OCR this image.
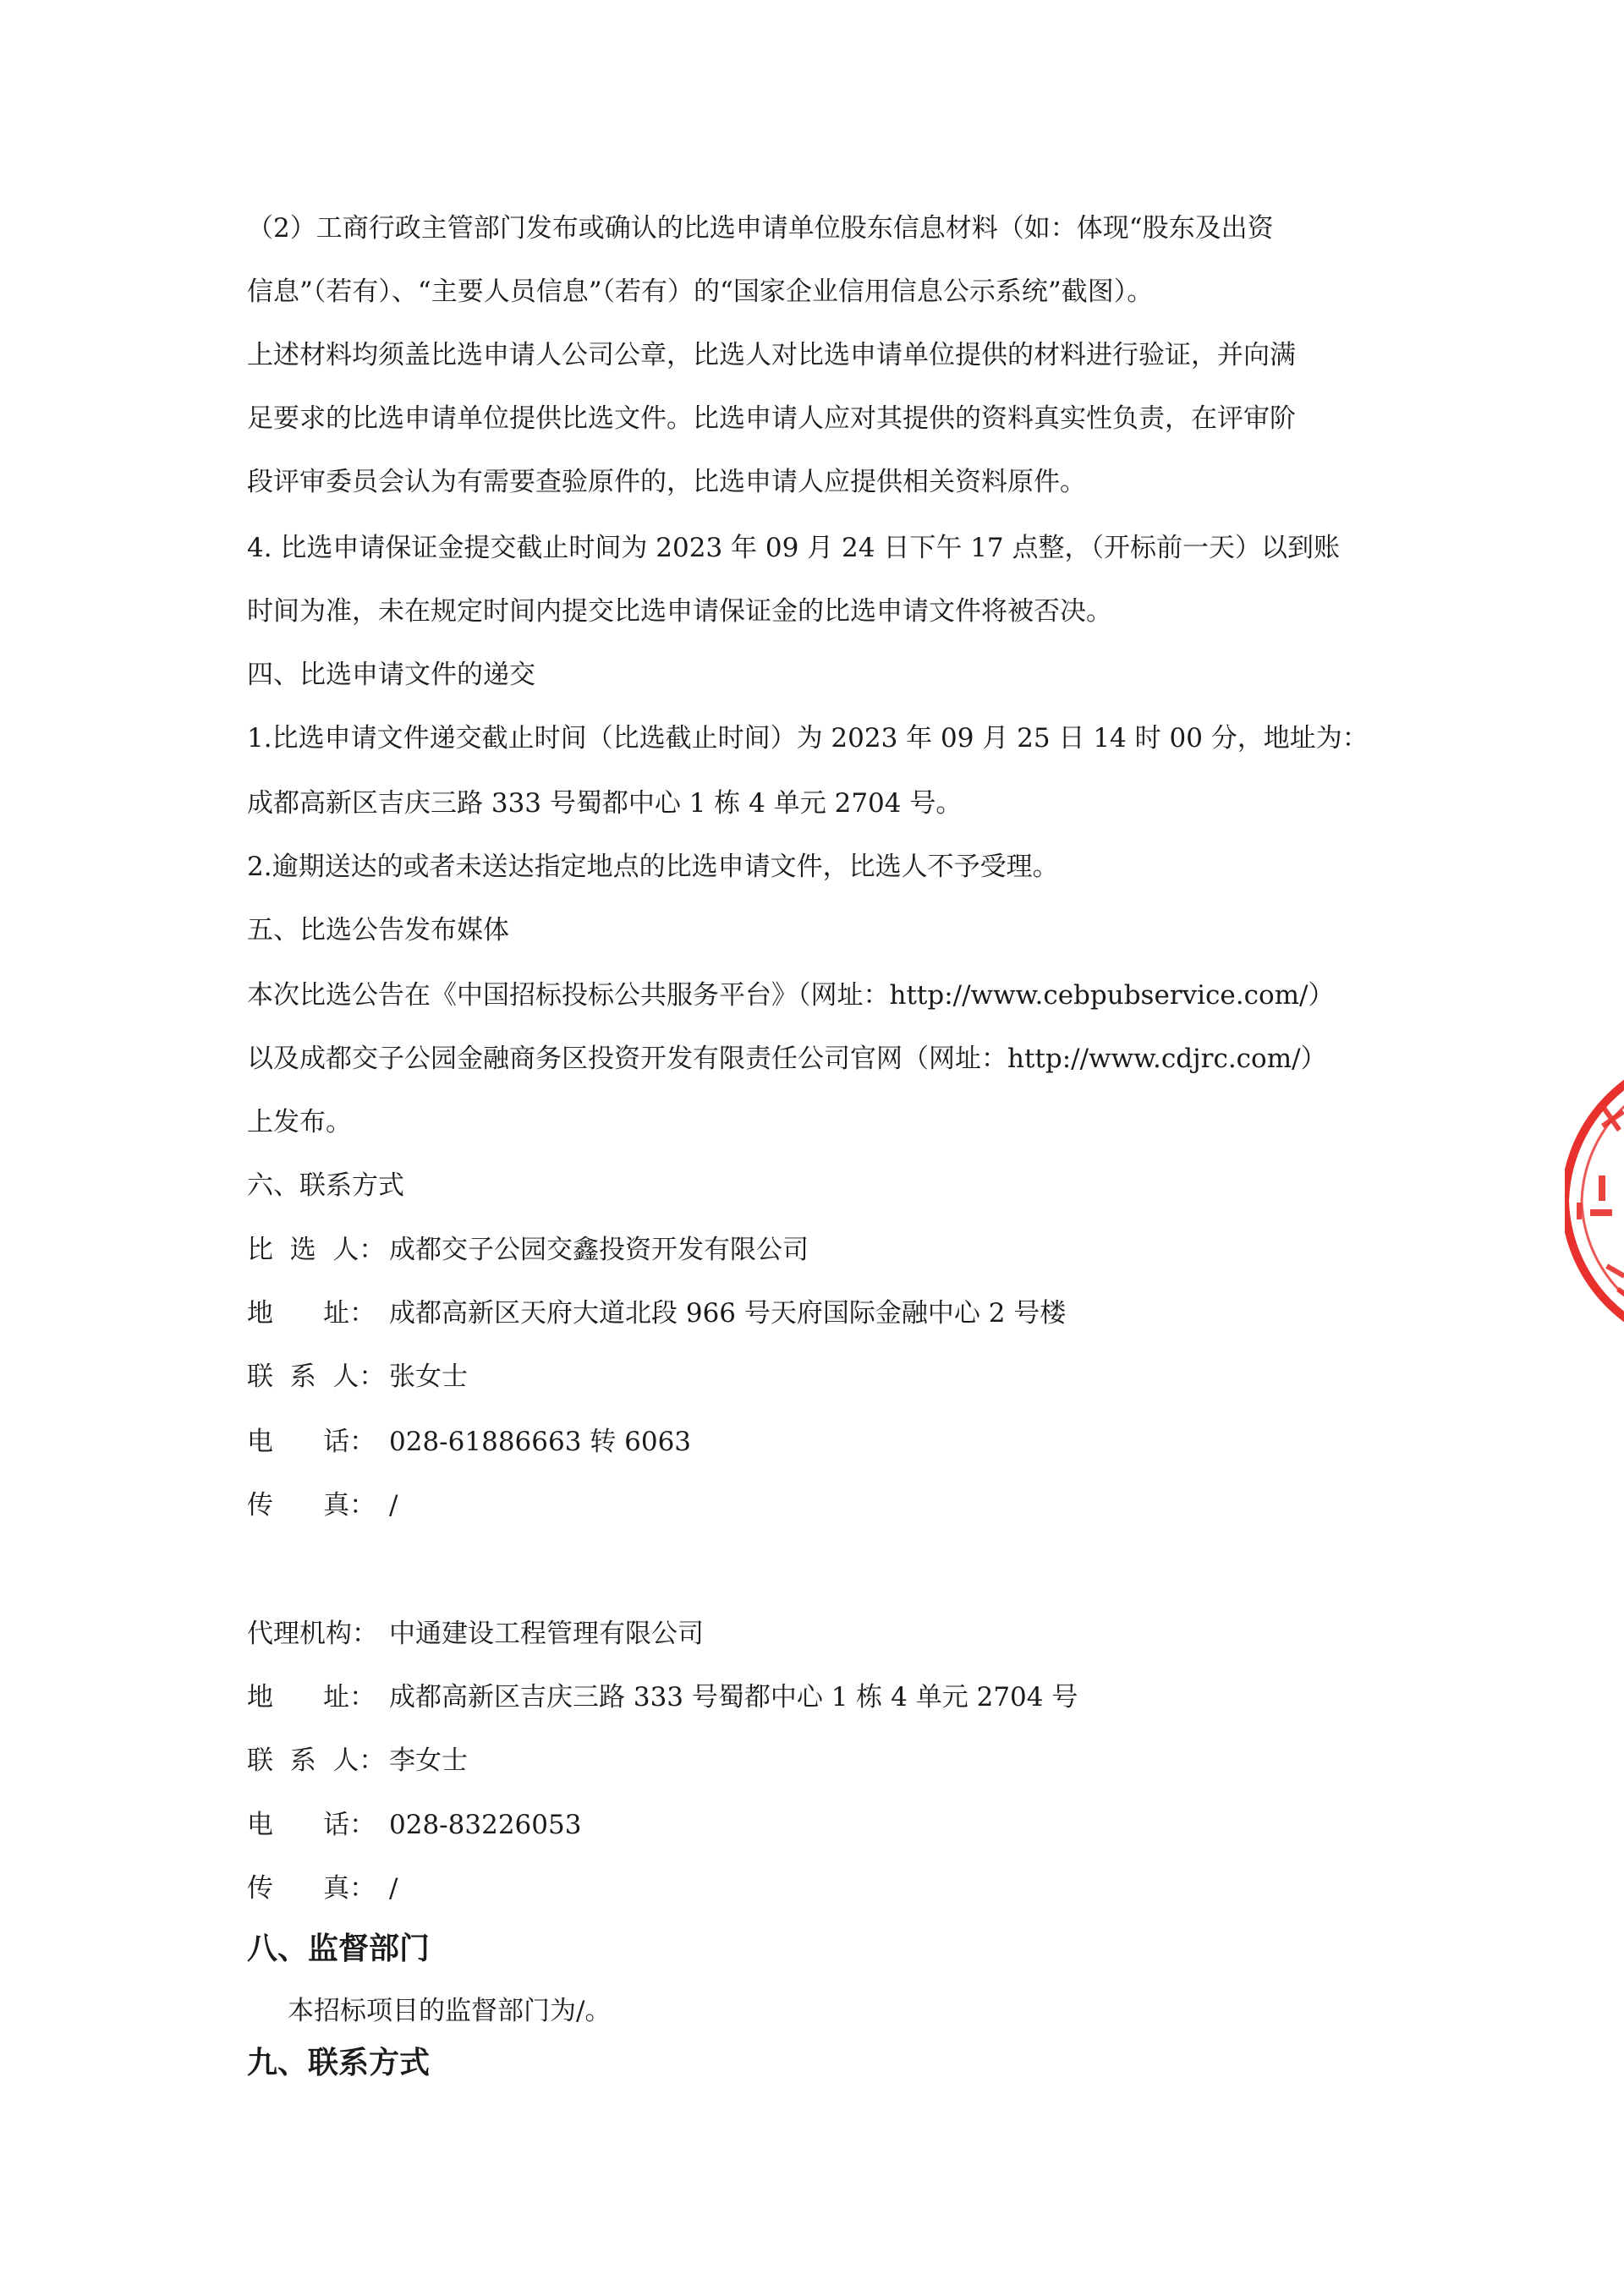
（2）工商行政主管部门发布或确认的比选申请单位股东信息材料（如：体现“股东及出资

信息”（若有）、“主要人员信息”（若有）的“国家企业信用信息公示系统”截图）。

上述材料均须盖比选申请人公司公章，比选人对比选申请单位提供的材料进行验证，并向满

足要求的比选申请单位提供比选文件。比选申请人应对其提供的资料真实性负责，在评审阶

段评审委员会认为有需要查验原件的，比选申请人应提供相关资料原件。

4. 比选申请保证金提交截止时间为 2023 年 09 月 24 日下午 17 点整，（开标前一天）以到账

时间为准，未在规定时间内提交比选申请保证金的比选申请文件将被否决。

四、比选申请文件的递交

1.比选申请文件递交截止时间（比选截止时间）为 2023 年 09 月 25 日 14 时 00 分，地址为：

成都高新区吉庆三路 333 号蜀都中心 1 栋 4 单元 2704 号。

2.逾期送达的或者未送达指定地点的比选申请文件，比选人不予受理。

五、比选公告发布媒体

本次比选公告在《中国招标投标公共服务平台》（网址：http://www.cebpubservice.com/）

以及成都交子公园金融商务区投资开发有限责任公司官网（网址：http://www.cdjrc.com/）

上发布。

六、联系方式

比  选  人： 成都交子公园交鑫投资开发有限公司

地      址： 成都高新区天府大道北段 966 号天府国际金融中心 2 号楼

联  系  人： 张女士

电      话： 028-61886663 转 6063

传      真： /

代理机构： 中通建设工程管理有限公司

地      址： 成都高新区吉庆三路 333 号蜀都中心 1 栋 4 单元 2704 号

联  系  人： 李女士

电      话： 028-83226053

传      真： /

八、监督部门

本招标项目的监督部门为/。

九、联系方式
